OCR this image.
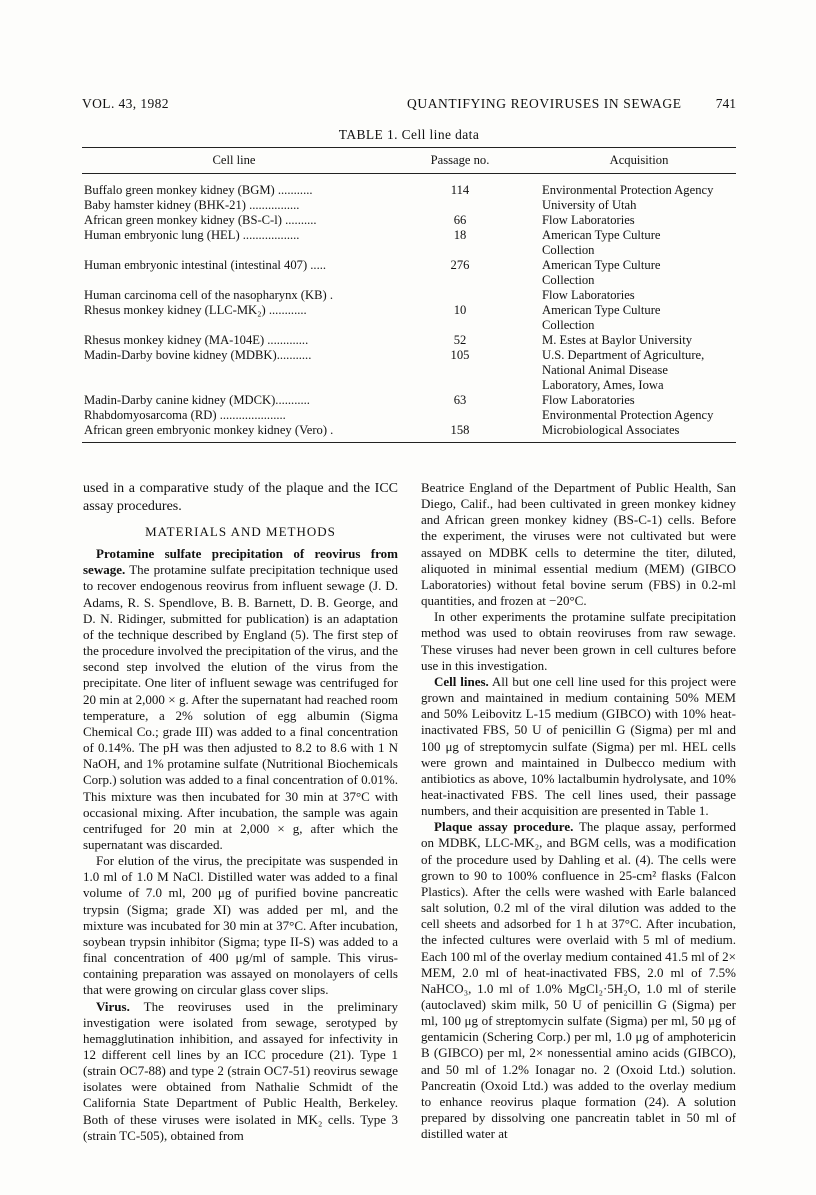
VOL. 43, 1982	QUANTIFYING REOVIRUSES IN SEWAGE	741
TABLE 1. Cell line data
Cell line	Passage no.	Acquisition
Buffalo green monkey kidney (BGM) ...........	114	Environmental Protection Agency

Baby hamster kidney (BHK-21) ................		University of Utah

African green monkey kidney (BS-C-l) ..........	66	Flow Laboratories

Human embryonic lung (HEL) ..................	18	American Type Culture
Collection

Human embryonic intestinal (intestinal 407) .....	276	American Type Culture
Collection

Human carcinoma cell of the nasopharynx (KB) .		Flow Laboratories

Rhesus monkey kidney (LLC-MK₂) ............	10	American Type Culture
Collection

Rhesus monkey kidney (MA-104E) .............	52	M. Estes at Baylor University

Madin-Darby bovine kidney (MDBK)...........	105	U.S. Department of Agriculture,
National Animal Disease
Laboratory, Ames, Iowa

Madin-Darby canine kidney (MDCK)...........	63	Flow Laboratories

Rhabdomyosarcoma (RD) .....................		Environmental Protection Agency

African green embryonic monkey kidney (Vero) .	158	Microbiological Associates

used in a comparative study of the plaque and the ICC assay procedures.

MATERIALS AND METHODS

Protamine sulfate precipitation of reovirus from sewage. The protamine sulfate precipitation technique used to recover endogenous reovirus from influent sewage (J. D. Adams, R. S. Spendlove, B. B. Barnett, D. B. George, and D. N. Ridinger, submitted for publication) is an adaptation of the technique described by England (5). The first step of the procedure involved the precipitation of the virus, and the second step involved the elution of the virus from the precipitate. One liter of influent sewage was centrifuged for 20 min at 2,000 × g. After the supernatant had reached room temperature, a 2% solution of egg albumin (Sigma Chemical Co.; grade III) was added to a final concentration of 0.14%. The pH was then adjusted to 8.2 to 8.6 with 1 N NaOH, and 1% protamine sulfate (Nutritional Biochemicals Corp.) solution was added to a final concentration of 0.01%. This mixture was then incubated for 30 min at 37°C with occasional mixing. After incubation, the sample was again centrifuged for 20 min at 2,000 × g, after which the supernatant was discarded.

For elution of the virus, the precipitate was suspended in 1.0 ml of 1.0 M NaCl. Distilled water was added to a final volume of 7.0 ml, 200 μg of purified bovine pancreatic trypsin (Sigma; grade XI) was added per ml, and the mixture was incubated for 30 min at 37°C. After incubation, soybean trypsin inhibitor (Sigma; type II-S) was added to a final concentration of 400 μg/ml of sample. This virus-containing preparation was assayed on monolayers of cells that were growing on circular glass cover slips.

Virus. The reoviruses used in the preliminary investigation were isolated from sewage, serotyped by hemagglutination inhibition, and assayed for infectivity in 12 different cell lines by an ICC procedure (21). Type 1 (strain OC7-88) and type 2 (strain OC7-51) reovirus sewage isolates were obtained from Nathalie Schmidt of the California State Department of Public Health, Berkeley. Both of these viruses were isolated in MK₂ cells. Type 3 (strain TC-505), obtained from

Beatrice England of the Department of Public Health, San Diego, Calif., had been cultivated in green monkey kidney and African green monkey kidney (BS-C-1) cells. Before the experiment, the viruses were not cultivated but were assayed on MDBK cells to determine the titer, diluted, aliquoted in minimal essential medium (MEM) (GIBCO Laboratories) without fetal bovine serum (FBS) in 0.2-ml quantities, and frozen at −20°C.

In other experiments the protamine sulfate precipitation method was used to obtain reoviruses from raw sewage. These viruses had never been grown in cell cultures before use in this investigation.

Cell lines. All but one cell line used for this project were grown and maintained in medium containing 50% MEM and 50% Leibovitz L-15 medium (GIBCO) with 10% heat-inactivated FBS, 50 U of penicillin G (Sigma) per ml and 100 μg of streptomycin sulfate (Sigma) per ml. HEL cells were grown and maintained in Dulbecco medium with antibiotics as above, 10% lactalbumin hydrolysate, and 10% heat-inactivated FBS. The cell lines used, their passage numbers, and their acquisition are presented in Table 1.

Plaque assay procedure. The plaque assay, performed on MDBK, LLC-MK₂, and BGM cells, was a modification of the procedure used by Dahling et al. (4). The cells were grown to 90 to 100% confluence in 25-cm² flasks (Falcon Plastics). After the cells were washed with Earle balanced salt solution, 0.2 ml of the viral dilution was added to the cell sheets and adsorbed for 1 h at 37°C. After incubation, the infected cultures were overlaid with 5 ml of medium. Each 100 ml of the overlay medium contained 41.5 ml of 2× MEM, 2.0 ml of heat-inactivated FBS, 2.0 ml of 7.5% NaHCO₃, 1.0 ml of 1.0% MgCl₂·5H₂O, 1.0 ml of sterile (autoclaved) skim milk, 50 U of penicillin G (Sigma) per ml, 100 μg of streptomycin sulfate (Sigma) per ml, 50 μg of gentamicin (Schering Corp.) per ml, 1.0 μg of amphotericin B (GIBCO) per ml, 2× nonessential amino acids (GIBCO), and 50 ml of 1.2% Ionagar no. 2 (Oxoid Ltd.) solution. Pancreatin (Oxoid Ltd.) was added to the overlay medium to enhance reovirus plaque formation (24). A solution prepared by dissolving one pancreatin tablet in 50 ml of distilled water at
